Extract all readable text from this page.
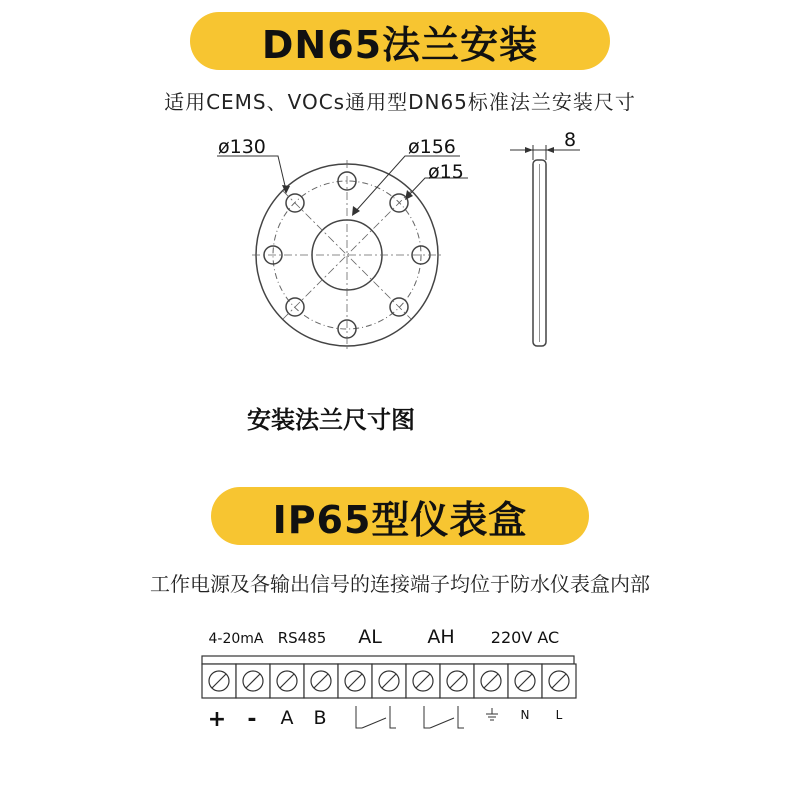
DN65法兰安装
适用CEMS、VOCs通用型DN65标准法兰安装尺寸
ø130	ø156
ø15
8
安装法兰尺寸图
IP65型仪表盒
工作电源及各输出信号的连接端子均位于防水仪表盒内部
4-20mA RS485 AL AH 220V AC
+ - A B	N L
